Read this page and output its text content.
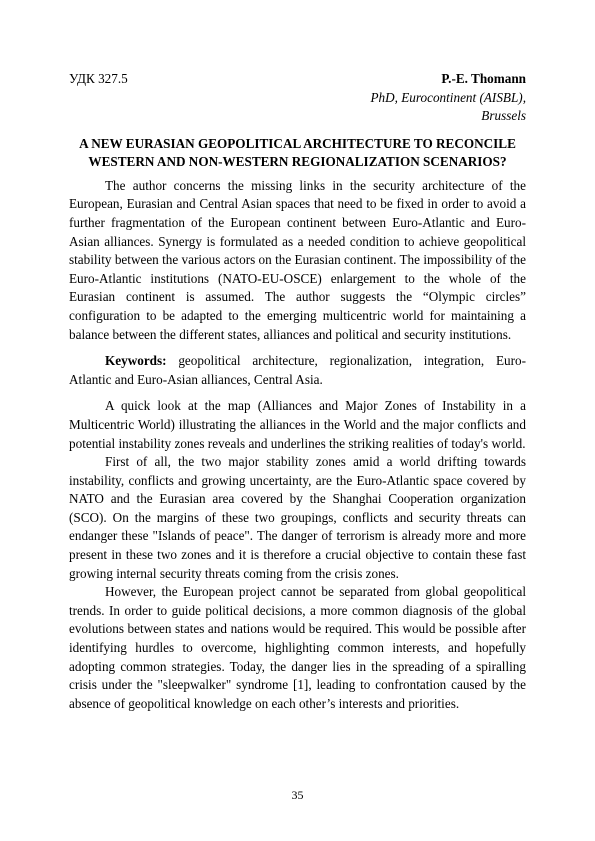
УДК 327.5	P.-E. Thomann
PhD, Eurocontinent (AISBL),
Brussels
A NEW EURASIAN GEOPOLITICAL ARCHITECTURE TO RECONCILE WESTERN AND NON-WESTERN REGIONALIZATION SCENARIOS?

The author concerns the missing links in the security architecture of the European, Eurasian and Central Asian spaces that need to be fixed in order to avoid a further fragmentation of the European continent between Euro-Atlantic and Euro-Asian alliances. Synergy is formulated as a needed condition to achieve geopolitical stability between the various actors on the Eurasian continent. The impossibility of the Euro-Atlantic institutions (NATO-EU-OSCE) enlargement to the whole of the Eurasian continent is assumed. The author suggests the “Olympic circles” configuration to be adapted to the emerging multicentric world for maintaining a balance between the different states, alliances and political and security institutions.

Keywords: geopolitical architecture, regionalization, integration, Euro-Atlantic and Euro-Asian alliances, Central Asia.

A quick look at the map (Alliances and Major Zones of Instability in a Multicentric World) illustrating the alliances in the World and the major conflicts and potential instability zones reveals and underlines the striking realities of today's world.

First of all, the two major stability zones amid a world drifting towards instability, conflicts and growing uncertainty, are the Euro-Atlantic space covered by NATO and the Eurasian area covered by the Shanghai Cooperation organization (SCO). On the margins of these two groupings, conflicts and security threats can endanger these "Islands of peace". The danger of terrorism is already more and more present in these two zones and it is therefore a crucial objective to contain these fast growing internal security threats coming from the crisis zones.

However, the European project cannot be separated from global geopolitical trends. In order to guide political decisions, a more common diagnosis of the global evolutions between states and nations would be required. This would be possible after identifying hurdles to overcome, highlighting common interests, and hopefully adopting common strategies. Today, the danger lies in the spreading of a spiralling crisis under the "sleepwalker" syndrome [1], leading to confrontation caused by the absence of geopolitical knowledge on each other’s interests and priorities.

35
